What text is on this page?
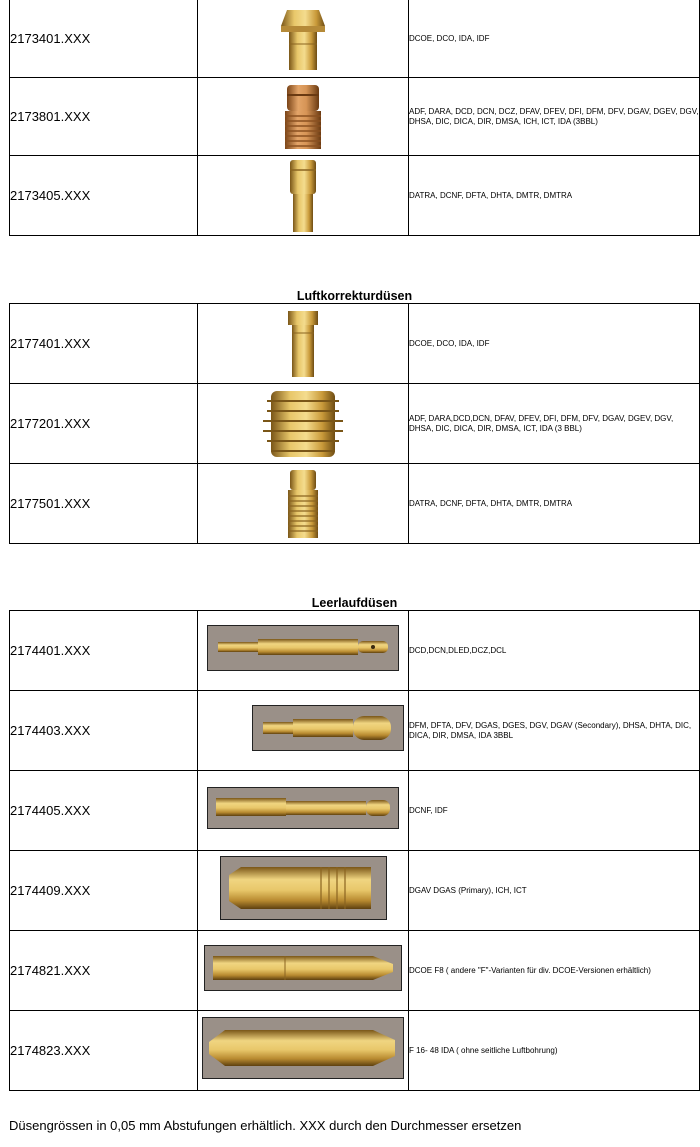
2173401.XXX		DCOE, DCO, IDA, IDF
2173801.XXX		ADF, DARA, DCD, DCN, DCZ, DFAV, DFEV, DFI, DFM, DFV, DGAV, DGEV, DGV, DHSA, DIC, DICA, DIR, DMSA, ICH, ICT, IDA (3BBL)
2173405.XXX		DATRA, DCNF, DFTA, DHTA, DMTR, DMTRA
Luftkorrekturdüsen
2177401.XXX		DCOE, DCO, IDA, IDF
2177201.XXX		ADF, DARA,DCD,DCN, DFAV, DFEV, DFI, DFM, DFV, DGAV, DGEV, DGV, DHSA, DIC, DICA, DIR, DMSA, ICT, IDA (3 BBL)
2177501.XXX		DATRA, DCNF, DFTA, DHTA, DMTR, DMTRA
Leerlaufdüsen
2174401.XXX		DCD,DCN,DLED,DCZ,DCL
2174403.XXX		DFM, DFTA, DFV, DGAS, DGES, DGV, DGAV (Secondary), DHSA, DHTA, DIC, DICA, DIR, DMSA, IDA 3BBL
2174405.XXX		DCNF, IDF
2174409.XXX		DGAV DGAS (Primary), ICH, ICT
2174821.XXX		DCOE F8 ( andere "F"-Varianten für div. DCOE-Versionen erhältlich)
2174823.XXX		F 16- 48 IDA ( ohne seitliche Luftbohrung)
Düsengrössen in 0,05 mm Abstufungen erhältlich. XXX durch den Durchmesser ersetzen
